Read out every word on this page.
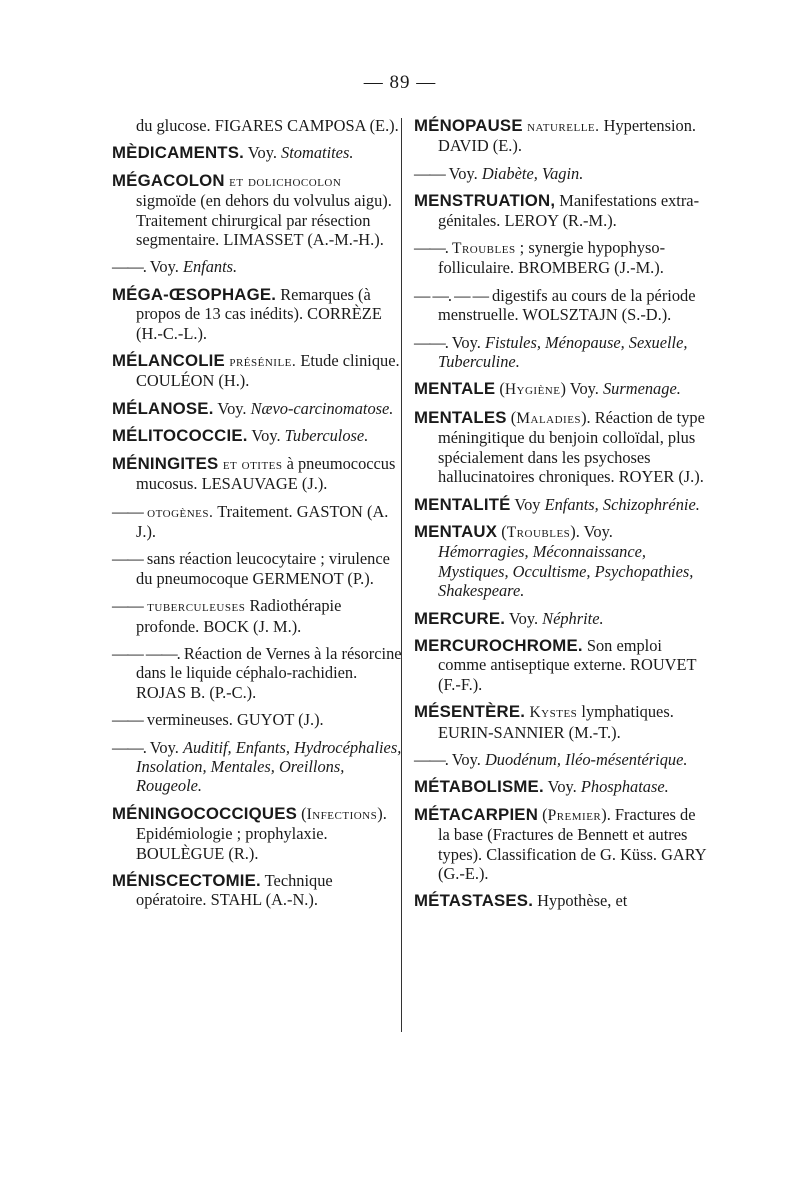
— 89 —
du glucose. FIGARES CAMPOSA (E.).
MÈDICAMENTS. Voy. Stomatites.
MÉGACOLON et dolichocolon sigmoïde (en dehors du volvulus aigu). Traitement chirurgical par résection segmentaire. LIMASSET (A.-M.-H.).
——. Voy. Enfants.
MÉGA-ŒSOPHAGE. Remarques (à propos de 13 cas inédits). CORRÈZE (H.-C.-L.).
MÉLANCOLIE présénile. Etude clinique. COULÉON (H.).
MÉLANOSE. Voy. Nævo-carcinomatose.
MÉLITOCOCCIE. Voy. Tuberculose.
MÉNINGITES et otites à pneumococcus mucosus. LESAUVAGE (J.).
—— otogènes. Traitement. GASTON (A. J.).
—— sans réaction leucocytaire ; virulence du pneumocoque GERMENOT (P.).
—— tuberculeuses Radiothérapie profonde. BOCK (J. M.).
—— ——. Réaction de Vernes à la résorcine dans le liquide céphalo-rachidien. ROJAS B. (P.-C.).
—— vermineuses. GUYOT (J.).
——. Voy. Auditif, Enfants, Hydrocéphalies, Insolation, Mentales, Oreillons, Rougeole.
MÉNINGOCOCCIQUES (Infections). Epidémiologie ; prophylaxie. BOULÈGUE (R.).
MÉNISCECTOMIE. Technique opératoire. STAHL (A.-N.).
MÉNOPAUSE naturelle. Hypertension. DAVID (E.).
—— Voy. Diabète, Vagin.
MENSTRUATION, Manifestations extra-génitales. LEROY (R.-M.).
——. Troubles ; synergie hypophyso-folliculaire. BROMBERG (J.-M.).
— —. — — digestifs au cours de la période menstruelle. WOLSZTAJN (S.-D.).
——. Voy. Fistules, Ménopause, Sexuelle, Tuberculine.
MENTALE (Hygiène) Voy. Surmenage.
MENTALES (Maladies). Réaction de type méningitique du benjoin colloïdal, plus spécialement dans les psychoses hallucinatoires chroniques. ROYER (J.).
MENTALITÉ Voy Enfants, Schizophrénie.
MENTAUX (Troubles). Voy. Hémorragies, Méconnaissance, Mystiques, Occultisme, Psychopathies, Shakespeare.
MERCURE. Voy. Néphrite.
MERCUROCHROME. Son emploi comme antiseptique externe. ROUVET (F.-F.).
MÉSENTÈRE. Kystes lymphatiques. EURIN-SANNIER (M.-T.).
——. Voy. Duodénum, Iléo-mésentérique.
MÉTABOLISME. Voy. Phosphatase.
MÉTACARPIEN (Premier). Fractures de la base (Fractures de Bennett et autres types). Classification de G. Küss. GARY (G.-E.).
MÉTASTASES. Hypothèse, et
